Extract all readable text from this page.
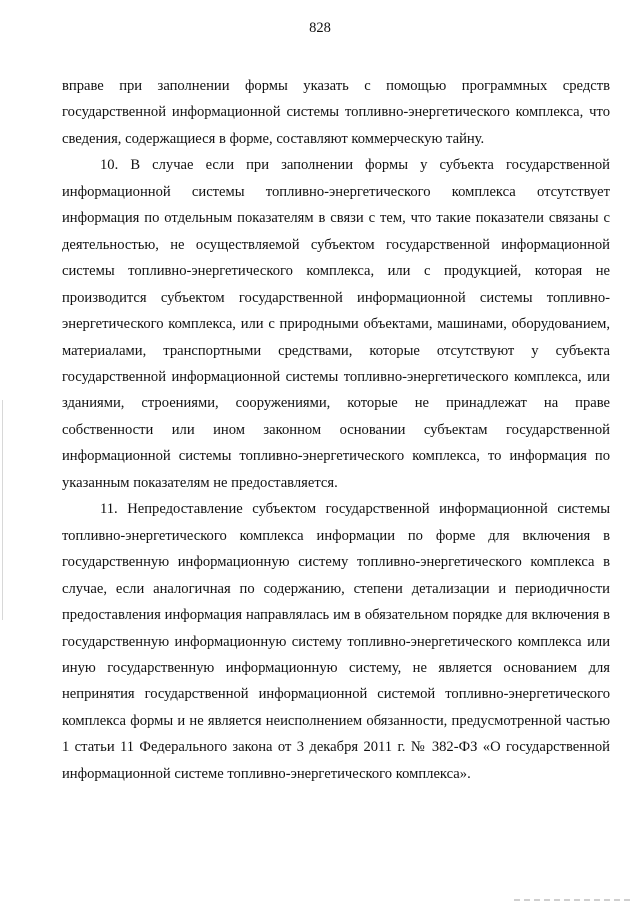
828

вправе при заполнении формы указать с помощью программных средств государственной информационной системы топливно-энергетического комплекса, что сведения, содержащиеся в форме, составляют коммерческую тайну.

10. В случае если при заполнении формы у субъекта государственной информационной системы топливно-энергетического комплекса отсутствует информация по отдельным показателям в связи с тем, что такие показатели связаны с деятельностью, не осуществляемой субъектом государственной информационной системы топливно-энергетического комплекса, или с продукцией, которая не производится субъектом государственной информационной системы топливно-энергетического комплекса, или с природными объектами, машинами, оборудованием, материалами, транспортными средствами, которые отсутствуют у субъекта государственной информационной системы топливно-энергетического комплекса, или зданиями, строениями, сооружениями, которые не принадлежат на праве собственности или ином законном основании субъектам государственной информационной системы топливно-энергетического комплекса, то информация по указанным показателям не предоставляется.

11. Непредоставление субъектом государственной информационной системы топливно-энергетического комплекса информации по форме для включения в государственную информационную систему топливно-энергетического комплекса в случае, если аналогичная по содержанию, степени детализации и периодичности предоставления информация направлялась им в обязательном порядке для включения в государственную информационную систему топливно-энергетического комплекса или иную государственную информационную систему, не является основанием для непринятия государственной информационной системой топливно-энергетического комплекса формы и не является неисполнением обязанности, предусмотренной частью 1 статьи 11 Федерального закона от 3 декабря 2011 г. № 382-ФЗ «О государственной информационной системе топливно-энергетического комплекса».
